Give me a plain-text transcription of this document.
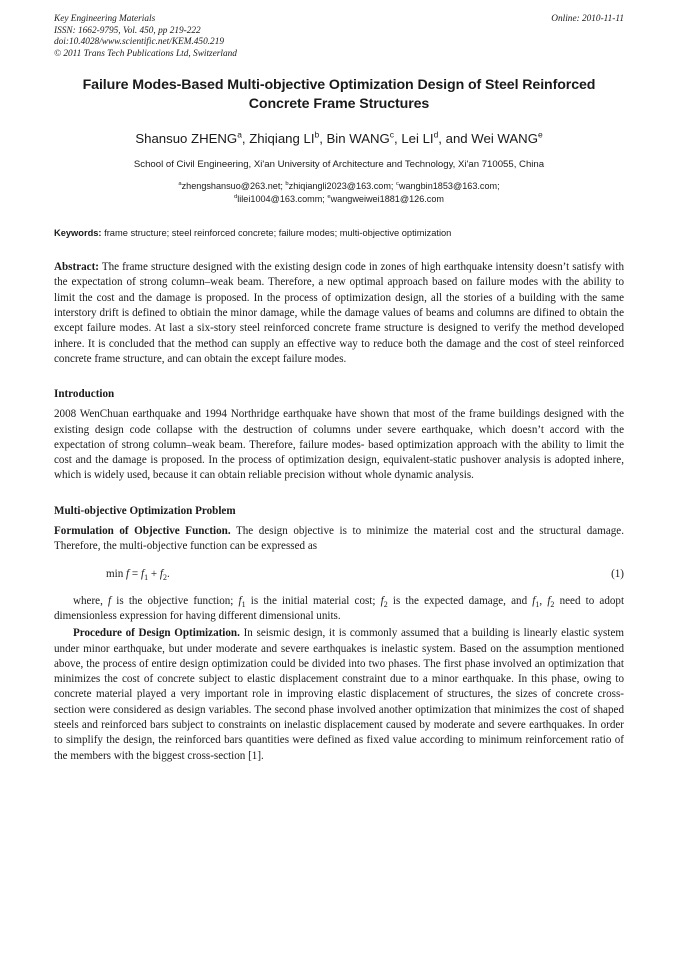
Key Engineering Materials
ISSN: 1662-9795, Vol. 450, pp 219-222
doi:10.4028/www.scientific.net/KEM.450.219
© 2011 Trans Tech Publications Ltd, Switzerland
Online: 2010-11-11
Failure Modes-Based Multi-objective Optimization Design of Steel Reinforced Concrete Frame Structures
Shansuo ZHENG$^a$, Zhiqiang $LI^b$, Bin WANG$^c$, Lei $LI^d$, and Wei WANG$^e$
School of Civil Engineering, Xi'an University of Architecture and Technology, Xi'an 710055, China
$^a$zhengshansuo@263.net; $^b$zhiqiangli2023@163.com; $^c$wangbin1853@163.com;
$^d$lilei1004@163.comm; $^e$wangweiwei1881@126.com
Keywords: frame structure; steel reinforced concrete; failure modes; multi-objective optimization
Abstract: The frame structure designed with the existing design code in zones of high earthquake intensity doesn’t satisfy with the expectation of strong column–weak beam. Therefore, a new optimal approach based on failure modes with the ability to limit the cost and the damage is proposed. In the process of optimization design, all the stories of a building with the same interstory drift is defined to obtiain the minor damage, while the damage values of beams and columns are difined to obtain the except failure modes. At last a six-story steel reinforced concrete frame structure is designed to verify the method developed inhere. It is concluded that the method can supply an effective way to reduce both the damage and the cost of steel reinforced concrete frame structure, and can obtain the except failure modes.
Introduction

2008 WenChuan earthquake and 1994 Northridge earthquake have shown that most of the frame buildings designed with the existing design code collapse with the destruction of columns under severe earthquake, which doesn’t accord with the expectation of strong column–weak beam. Therefore, failure modes- based optimization approach with the ability to limit the cost and the damage is proposed. In the process of optimization design, equivalent-static pushover analysis is adopted inhere, which is widely used, because it can obtain reliable precision without whole dynamic analysis.

Multi-objective Optimization Problem

Formulation of Objective Function. The design objective is to minimize the material cost and the structural damage. Therefore, the multi-objective function can be expressed as

$\min f = f_1 + f_2$.	(1)

where, f is the objective function; $f_1$ is the initial material cost; $f_2$ is the expected damage, and $f_1$, $f_2$ need to adopt dimensionless expression for having different dimensional units.

Procedure of Design Optimization. In seismic design, it is commonly assumed that a building is linearly elastic system under minor earthquake, but under moderate and severe earthquakes is inelastic system. Based on the assumption mentioned above, the process of entire design optimization could be divided into two phases. The first phase involved an optimization that minimizes the cost of concrete subject to elastic displacement constraint due to a minor earthquake. In this phase, owing to concrete material played a very important role in improving elastic displacement of structures, the sizes of concrete cross-section were considered as design variables. The second phase involved another optimization that minimizes the cost of shaped steels and reinforced bars subject to constraints on inelastic displacement caused by moderate and severe earthquakes. In order to simplify the design, the reinforced bars quantities were defined as fixed value according to minimum reinforcement ratio of the members with the biggest cross-section [1].
